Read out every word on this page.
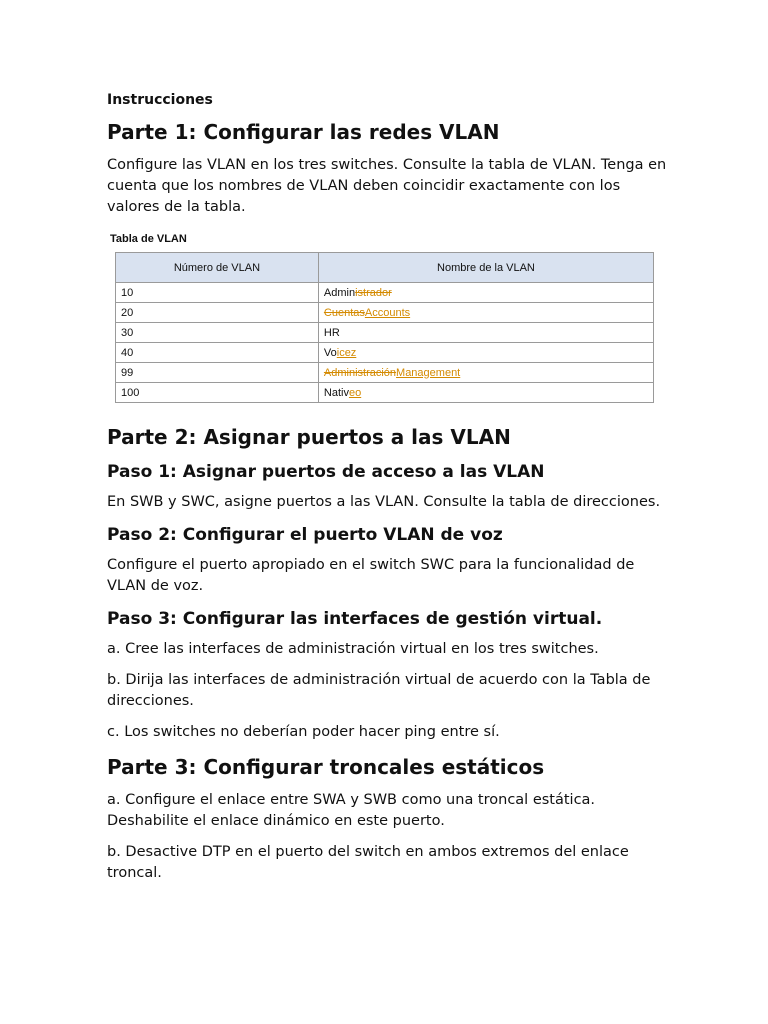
Instrucciones
Parte 1: Configurar las redes VLAN

Configure las VLAN en los tres switches. Consulte la tabla de VLAN. Tenga en cuenta que los nombres de VLAN deben coincidir exactamente con los valores de la tabla.

Tabla de VLAN
Número de VLAN	Nombre de la VLAN
10	Administrador
20	CuentasAccounts
30	HR
40	Voicez
99	AdministraciónManagement
100	Nativeo
Parte 2: Asignar puertos a las VLAN
Paso 1: Asignar puertos de acceso a las VLAN

En SWB y SWC, asigne puertos a las VLAN. Consulte la tabla de direcciones.

Paso 2: Configurar el puerto VLAN de voz

Configure el puerto apropiado en el switch SWC para la funcionalidad de VLAN de voz.

Paso 3: Configurar las interfaces de gestión virtual.

a. Cree las interfaces de administración virtual en los tres switches.

b. Dirija las interfaces de administración virtual de acuerdo con la Tabla de direcciones.

c. Los switches no deberían poder hacer ping entre sí.

Parte 3: Configurar troncales estáticos

a. Configure el enlace entre SWA y SWB como una troncal estática. Deshabilite el enlace dinámico en este puerto.

b. Desactive DTP en el puerto del switch en ambos extremos del enlace troncal.
